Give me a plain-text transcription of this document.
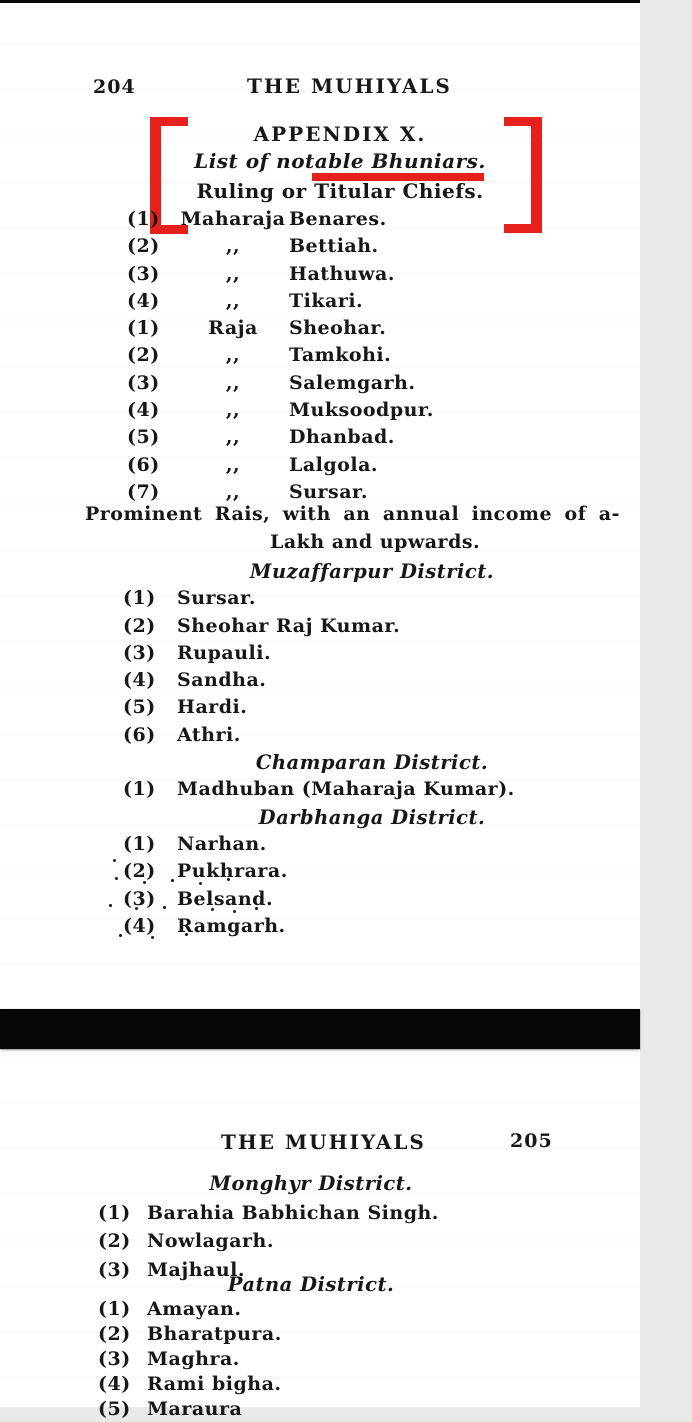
204	THE MUHIYALS
APPENDIX X.
List of notable Bhuniars.
Ruling or Titular Chiefs.
(1)	Maharaja Benares.
(2)	,,	Bettiah.
(3)	,,	Hathuwa.
(4)	,,	Tikari.
(1)	Raja	Sheohar.
(2)	,,	Tamkohi.
(3)	,,	Salemgarh.
(4)	,,	Muksoodpur.
(5)	,,	Dhanbad.
(6)	,,	Lalgola.
(7)	,,	Sursar.
Prominent Rais, with an annual income of a-
Lakh and upwards.
Muzaffarpur District.
(1)	Sursar.
(2)	Sheohar Raj Kumar.
(3)	Rupauli.
(4)	Sandha.
(5)	Hardi.
(6)	Athri.
Champaran District.
(1)	Madhuban (Maharaja Kumar).
Darbhanga District.
(1)	Narhan.
(2)	Pukhrara.
(3)	Belsand.
(4)	Ramgarh.
THE MUHIYALS	205
Monghyr District.
(1) Barahia Babhichan Singh.
(2) Nowlagarh.
(3) Majhaul.
Patna District.
(1) Amayan.
(2) Bharatpura.
(3) Maghra.
(4) Rami bigha.
(5) Maraura
